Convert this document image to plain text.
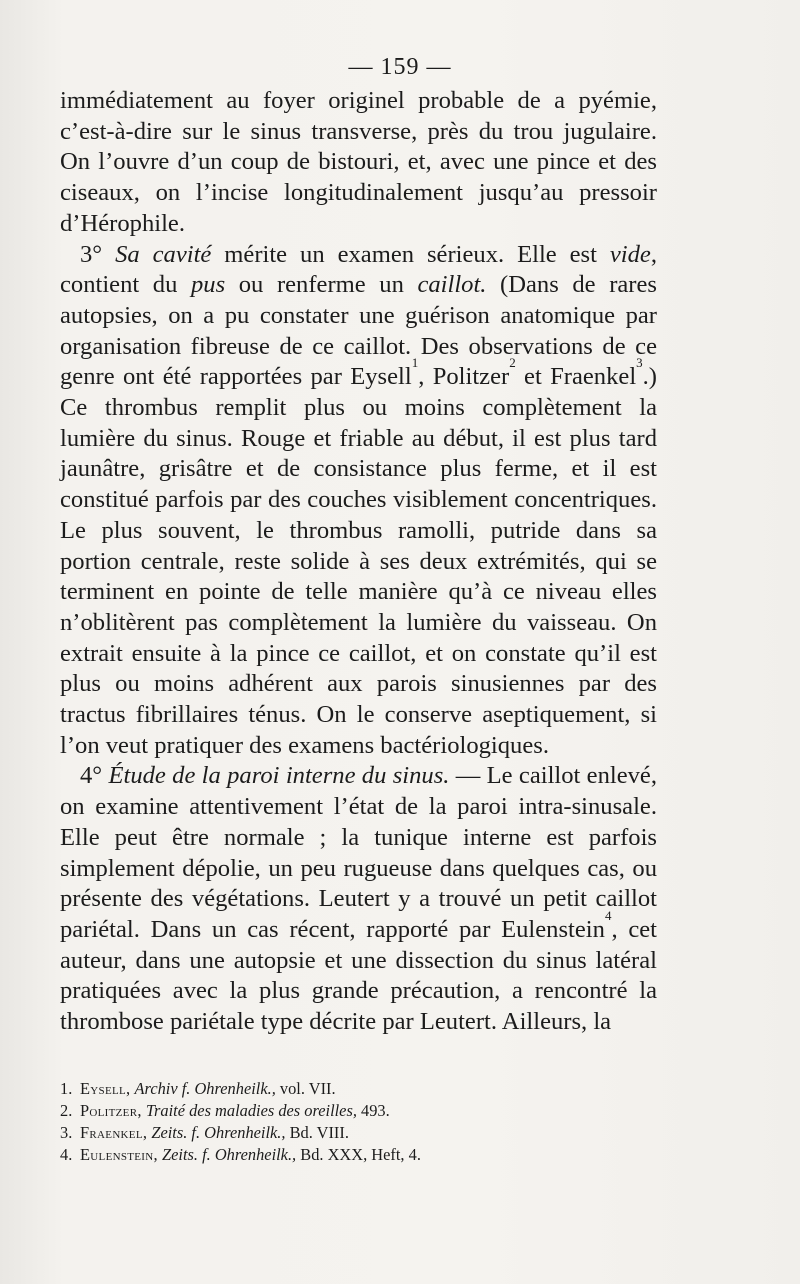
— 159 —

immédiatement au foyer originel probable de a pyémie, c’est-à-dire sur le sinus transverse, près du trou jugulaire. On l’ouvre d’un coup de bistouri, et, avec une pince et des ciseaux, on l’incise longitudinalement jusqu’au pressoir d’Hérophile.

3° Sa cavité mérite un examen sérieux. Elle est vide, contient du pus ou renferme un caillot. (Dans de rares autopsies, on a pu constater une guérison anatomique par organisation fibreuse de ce caillot. Des observations de ce genre ont été rapportées par Eysell$^1$, Politzer$^2$ et Fraenkel$^3$.) Ce thrombus remplit plus ou moins complètement la lumière du sinus. Rouge et friable au début, il est plus tard jaunâtre, grisâtre et de consistance plus ferme, et il est constitué parfois par des couches visiblement concentriques. Le plus souvent, le thrombus ramolli, putride dans sa portion centrale, reste solide à ses deux extrémités, qui se terminent en pointe de telle manière qu’à ce niveau elles n’oblitèrent pas complètement la lumière du vaisseau. On extrait ensuite à la pince ce caillot, et on constate qu’il est plus ou moins adhérent aux parois sinusiennes par des tractus fibrillaires ténus. On le conserve aseptiquement, si l’on veut pratiquer des examens bactériologiques.

4° Étude de la paroi interne du sinus. — Le caillot enlevé, on examine attentivement l’état de la paroi intra-sinusale. Elle peut être normale ; la tunique interne est parfois simplement dépolie, un peu rugueuse dans quelques cas, ou présente des végétations. Leutert y a trouvé un petit caillot pariétal. Dans un cas récent, rapporté par Eulenstein$^4$, cet auteur, dans une autopsie et une dissection du sinus latéral pratiquées avec la plus grande précaution, a rencontré la thrombose pariétale type décrite par Leutert. Ailleurs, la

1. Eysell, Archiv f. Ohrenheilk., vol. VII.

2. Politzer, Traité des maladies des oreilles, 493.

3. Fraenkel, Zeits. f. Ohrenheilk., Bd. VIII.

4. Eulenstein, Zeits. f. Ohrenheilk., Bd. XXX, Heft, 4.
